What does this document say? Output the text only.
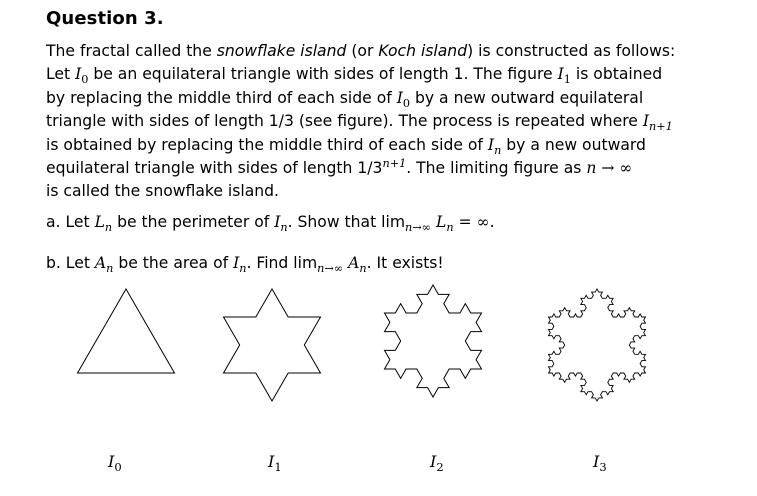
Question 3.
The fractal called the snowflake island (or Koch island) is constructed as follows:
Let $I_0$ be an equilateral triangle with sides of length 1. The figure $I_1$ is obtained
by replacing the middle third of each side of $I_0$ by a new outward equilateral
triangle with sides of length 1/3 (see figure). The process is repeated where $I_{n+1}$
is obtained by replacing the middle third of each side of $I_n$ by a new outward
equilateral triangle with sides of length $1/3^{n+1}$. The limiting figure as n → ∞
is called the snowflake island.
a. Let $L_n$ be the perimeter of $I_n$. Show that $\lim_{n\to\infty} L_n$ = ∞.
b. Let $A_n$ be the area of $I_n$. Find $\lim_{n\to\infty} A_n$. It exists!
$I_0$	$I_1$	$I_2$	$I_3$
